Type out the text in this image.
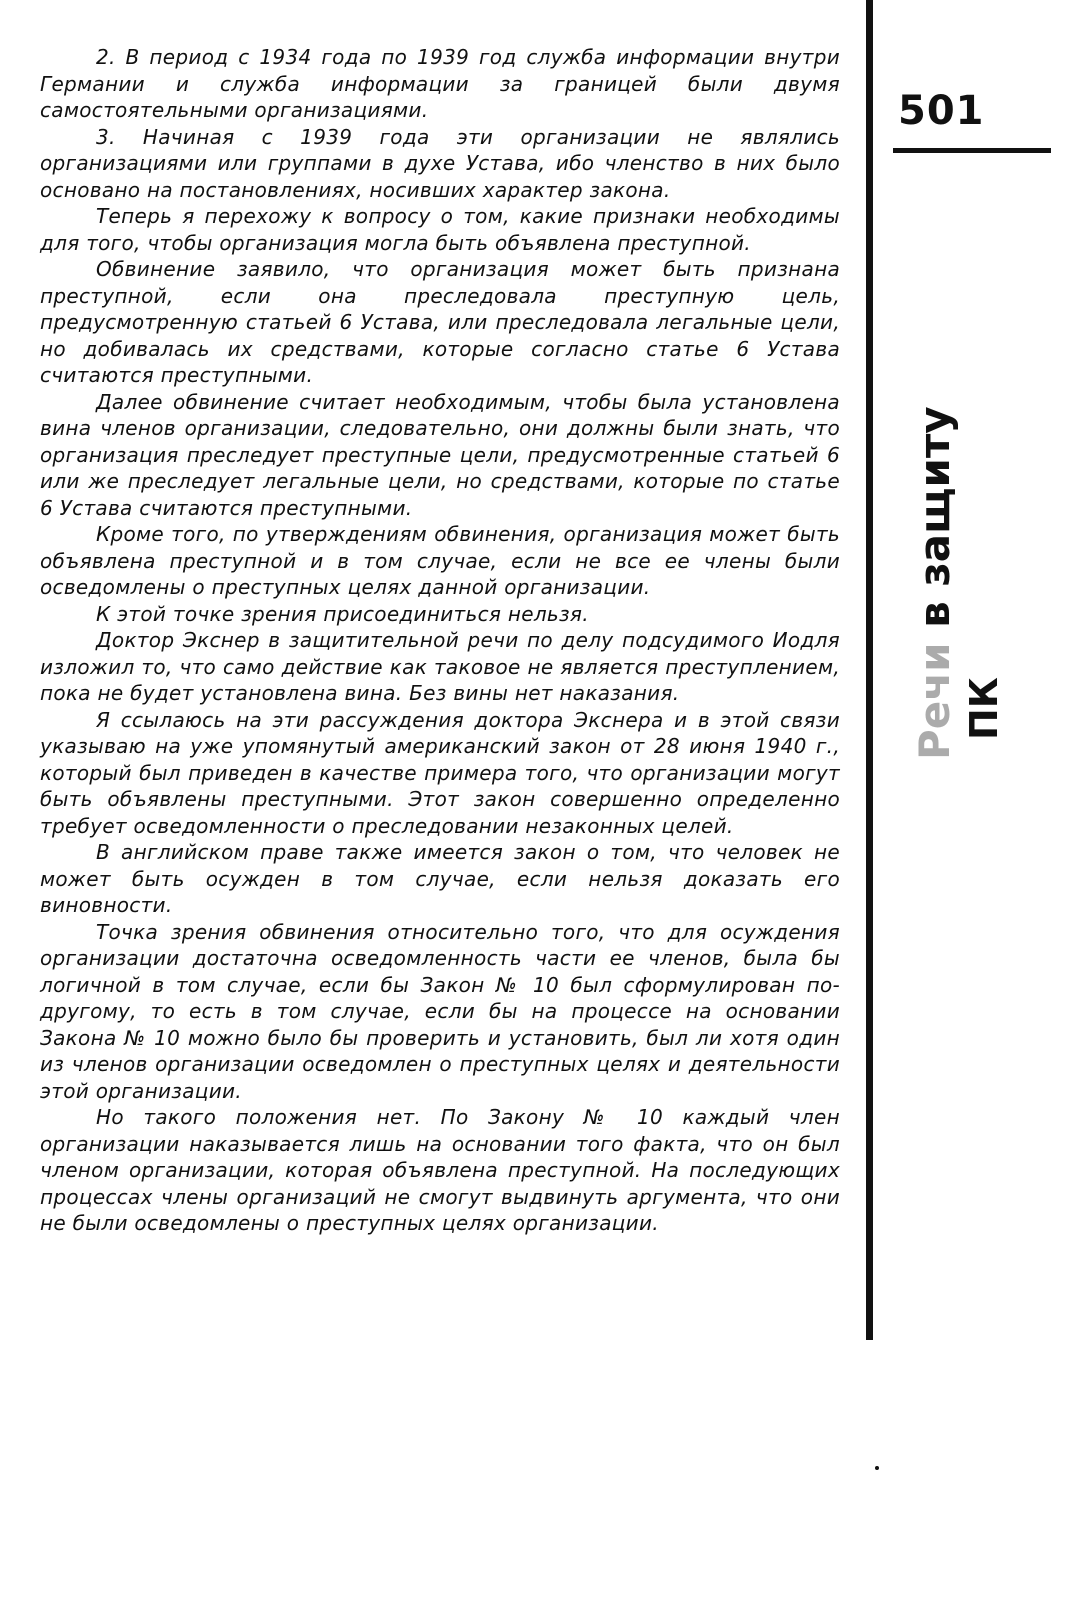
2. В период с 1934 года по 1939 год служба информации внутри Германии и служба информации за границей были двумя самостоятельными организациями.

3. Начиная с 1939 года эти организации не являлись организациями или группами в духе Устава, ибо членство в них было основано на постановлениях, носивших характер закона.

Теперь я перехожу к вопросу о том, какие признаки необходимы для того, чтобы организация могла быть объявлена преступной.

Обвинение заявило, что организация может быть признана преступной, если она преследовала преступную цель, предусмотренную статьей 6 Устава, или преследовала легальные цели, но добивалась их средствами, которые согласно статье 6 Устава считаются преступными.

Далее обвинение считает необходимым, чтобы была установлена вина членов организации, следовательно, они должны были знать, что организация преследует преступные цели, предусмотренные статьей 6 или же преследует легальные цели, но средствами, которые по статье 6 Устава считаются преступными.

Кроме того, по утверждениям обвинения, организация может быть объявлена преступной и в том случае, если не все ее члены были осведомлены о преступных целях данной организации.

К этой точке зрения присоединиться нельзя.

Доктор Экснер в защитительной речи по делу подсудимого Иодля изложил то, что само действие как таковое не является преступлением, пока не будет установлена вина. Без вины нет наказания.

Я ссылаюсь на эти рассуждения доктора Экснера и в этой связи указываю на уже упомянутый американский закон от 28 июня 1940 г., который был приведен в качестве примера того, что организации могут быть объявлены преступными. Этот закон совершенно определенно требует осведомленности о преследовании незаконных целей.

В английском праве также имеется закон о том, что человек не может быть осужден в том случае, если нельзя доказать его виновности.

Точка зрения обвинения относительно того, что для осуждения организации достаточна осведомленность части ее членов, была бы логичной в том случае, если бы Закон № 10 был сформулирован по-другому, то есть в том случае, если бы на процессе на основании Закона № 10 можно было бы проверить и установить, был ли хотя один из членов организации осведомлен о преступных целях и деятельности этой организации.

Но такого положения нет. По Закону № 10 каждый член организации наказывается лишь на основании того факта, что он был членом организации, которая объявлена преступной. На последующих процессах члены организаций не смогут выдвинуть аргумента, что они не были осведомлены о преступных целях организации.

501
Речи в защиту
ПК
